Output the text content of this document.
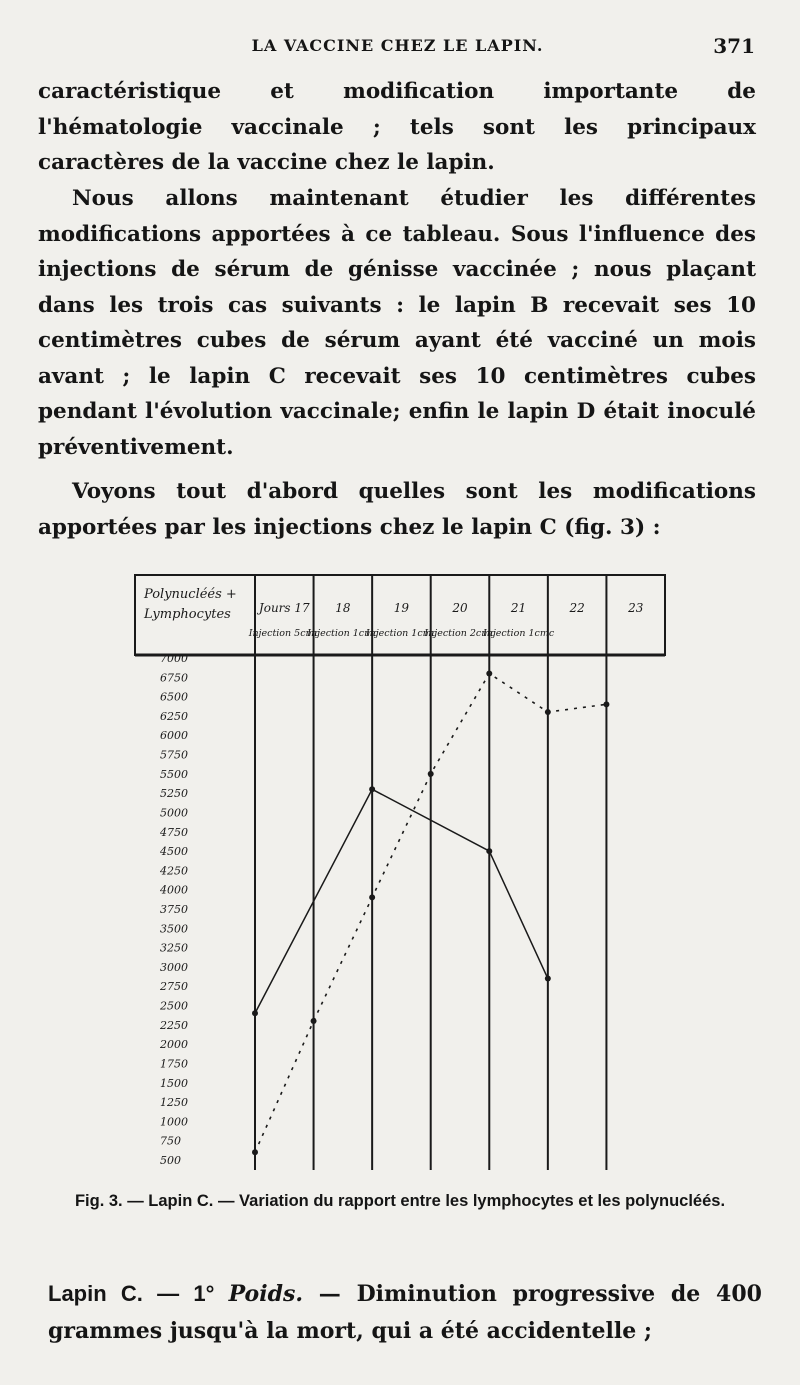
LA VACCINE CHEZ LE LAPIN.	371
caractéristique et modification importante de l'hématologie vaccinale ; tels sont les principaux caractères de la vaccine chez le lapin.
Nous allons maintenant étudier les différentes modifications apportées à ce tableau. Sous l'influence des injections de sérum de génisse vaccinée ; nous plaçant dans les trois cas suivants : le lapin B recevait ses 10 centimètres cubes de sérum ayant été vacciné un mois avant ; le lapin C recevait ses 10 centimètres cubes pendant l'évolution vaccinale; enfin le lapin D était inoculé préventivement.
Voyons tout d'abord quelles sont les modifications apportées par les injections chez le lapin C (fig. 3) :
Polynucléés +
Lymphocytes Jours 17
Injection 5cmc
18
Injection 1cmc
19
Injection 1cmc
20
Injection 2cmc
21
Injection 1cmc
22	23
7000
6750
6500
6250
6000
5750
5500
5250
5000
4750
4500
4250
4000
3750
3500
3250
3000
2750
2500
2250
2000
1750
1500
1250
1000
750
500
Fig. 3. — Lapin C. — Variation du rapport entre les lymphocytes et les polynucléés.
Lapin C. — 1° Poids. — Diminution progressive de 400 grammes jusqu'à la mort, qui a été accidentelle ;
